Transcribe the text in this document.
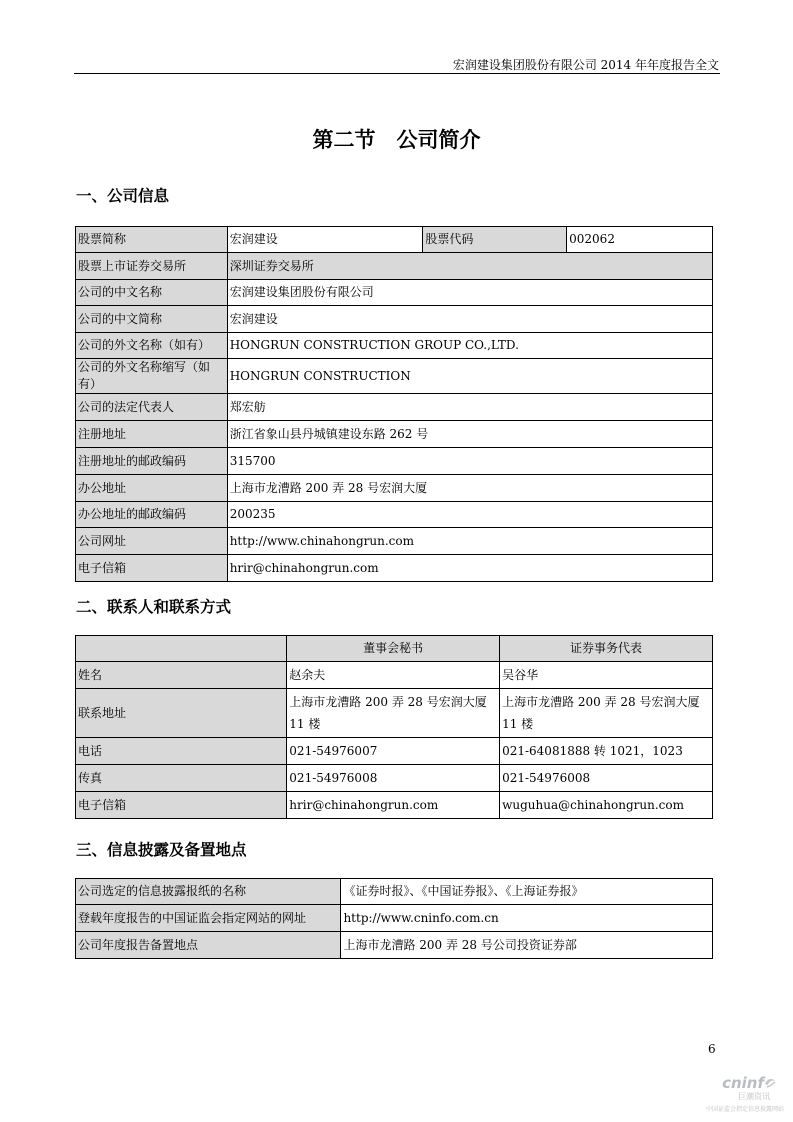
宏润建设集团股份有限公司 2014 年年度报告全文
第二节　公司简介
一、公司信息
股票简称	宏润建设	股票代码	002062
股票上市证券交易所	深圳证券交易所		
公司的中文名称	宏润建设集团股份有限公司		
公司的中文简称	宏润建设		
公司的外文名称（如有）	HONGRUN CONSTRUCTION GROUP CO.,LTD.		
公司的外文名称缩写（如有）	HONGRUN CONSTRUCTION		
公司的法定代表人	郑宏舫		
注册地址	浙江省象山县丹城镇建设东路 262 号		
注册地址的邮政编码	315700		
办公地址	上海市龙漕路 200 弄 28 号宏润大厦		
办公地址的邮政编码	200235		
公司网址	http://www.chinahongrun.com		
电子信箱	hrir@chinahongrun.com		
二、联系人和联系方式
	董事会秘书	证券事务代表
姓名	赵余夫	吴谷华
联系地址	上海市龙漕路 200 弄 28 号宏润大厦 11 楼	上海市龙漕路 200 弄 28 号宏润大厦 11 楼
电话	021-54976007	021-64081888 转 1021，1023
传真	021-54976008	021-54976008
电子信箱	hrir@chinahongrun.com	wuguhua@chinahongrun.com
三、信息披露及备置地点
公司选定的信息披露报纸的名称	《证券时报》、《中国证券报》、《上海证券报》
登载年度报告的中国证监会指定网站的网址	http://www.cninfo.com.cn
公司年度报告备置地点	上海市龙漕路 200 弄 28 号公司投资证券部
6
cninf
巨潮资讯
中国证监会指定信息披露网站
